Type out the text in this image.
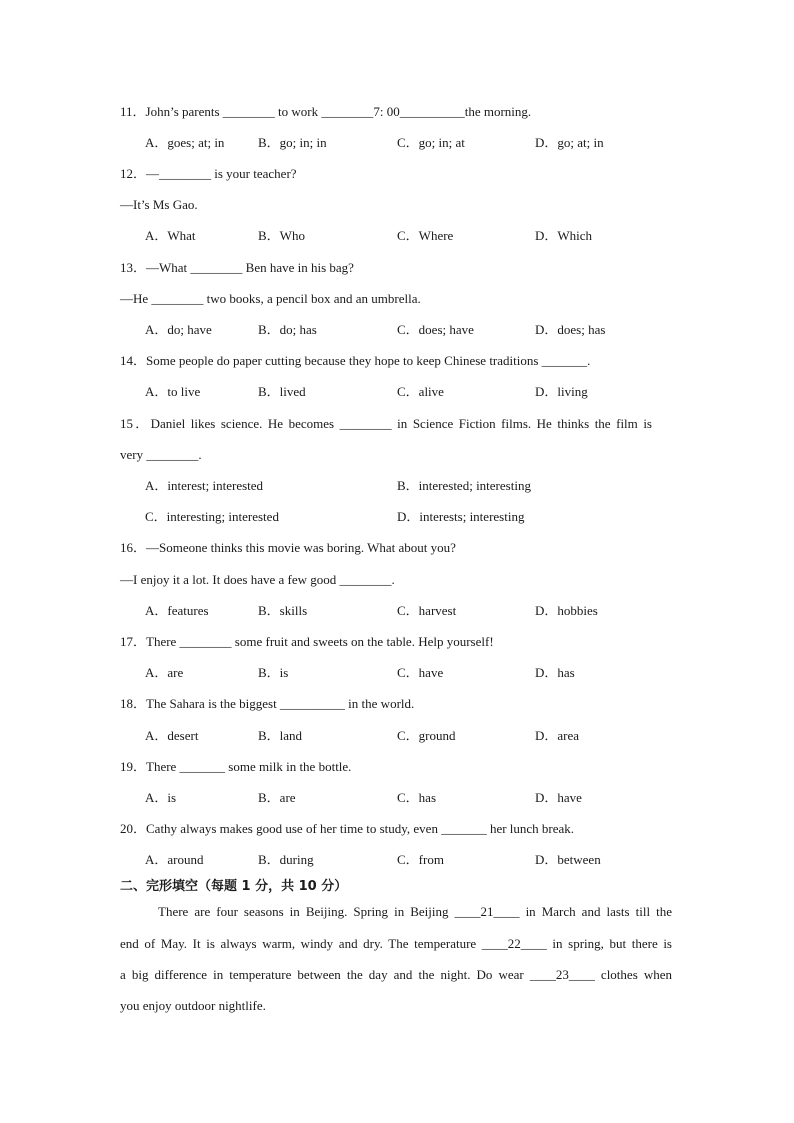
11．John’s parents ________ to work ________7: 00__________the morning.
A．goes; at; in	B．go; in; in	C．go; in; at	D．go; at; in
12．—________ is your teacher?
—It’s Ms Gao.
A．What	B．Who	C．Where	D．Which
13．—What ________ Ben have in his bag?
—He ________ two books, a pencil box and an umbrella.
A．do; have	B．do; has	C．does; have	D．does; has
14．Some people do paper cutting because they hope to keep Chinese traditions _______.
A．to live	B．lived	C．alive	D．living
15．Daniel likes science. He becomes ________ in Science Fiction films. He thinks the film is
very ________.
A．interest; interested	B．interested; interesting
C．interesting; interested	D．interests; interesting
16．—Someone thinks this movie was boring. What about you?
—I enjoy it a lot. It does have a few good ________.
A．features	B．skills	C．harvest	D．hobbies
17．There ________ some fruit and sweets on the table. Help yourself!
A．are	B．is	C．have	D．has
18．The Sahara is the biggest __________ in the world.
A．desert	B．land	C．ground	D．area
19．There _______ some milk in the bottle.
A．is	B．are	C．has	D．have
20．Cathy always makes good use of her time to study, even _______ her lunch break.
A．around	B．during	C．from	D．between
二、完形填空（每题 1 分，共 10 分）
There are four seasons in Beijing. Spring in Beijing ____21____ in March and lasts till the
end of May. It is always warm, windy and dry. The temperature ____22____ in spring, but there is
a big difference in temperature between the day and the night. Do wear ____23____ clothes when
you enjoy outdoor nightlife.
